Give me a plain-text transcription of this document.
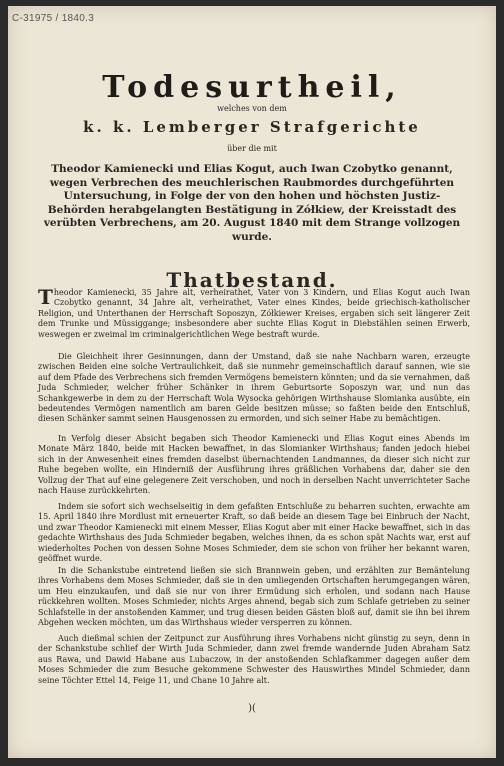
C-31975 / 1840.3
Todesurtheil,
welches von dem
k. k. Lemberger Strafgerichte
über die mit
Theodor Kamienecki und Elias Kogut, auch Iwan Czobytko genannt, wegen Verbrechen des meuchlerischen Raubmordes durchgeführten Untersuchung, in Folge der von den hohen und höchsten Justiz-Behörden herabgelangten Bestätigung in Zółkiew, der Kreisstadt des verübten Verbrechens, am 20. August 1840 mit dem Strange vollzogen wurde.
Thatbestand.

Theodor Kamienecki, 35 Jahre alt, verheirathet, Vater von 3 Kindern, und Elias Kogut auch Iwan Czobytko genannt, 34 Jahre alt, verheirathet, Vater eines Kindes, beide griechisch-katholischer Religion, und Unterthanen der Herrschaft Soposzyn, Zółkiewer Kreises, ergaben sich seit längerer Zeit dem Trunke und Müssiggange; insbesondere aber suchte Elias Kogut in Diebstählen seinen Erwerb, weswegen er zweimal im criminalgerichtlichen Wege bestraft wurde.

Die Gleichheit ihrer Gesinnungen, dann der Umstand, daß sie nahe Nachbarn waren, erzeugte zwischen Beiden eine solche Vertraulichkeit, daß sie nunmehr gemeinschaftlich darauf sannen, wie sie auf dem Pfade des Verbrechens sich fremden Vermögens bemeistern könnten; und da sie vernahmen, daß Juda Schmieder, welcher früher Schänker in ihrem Geburtsorte Soposzyn war, und nun das Schankgewerbe in dem zu der Herrschaft Wola Wysocka gehörigen Wirthshause Slomianka ausübte, ein bedeutendes Vermögen namentlich am baren Gelde besitzen müsse; so faßten beide den Entschluß, diesen Schänker sammt seinen Hausgenossen zu ermorden, und sich seiner Habe zu bemächtigen.

In Verfolg dieser Absicht begaben sich Theodor Kamienecki und Elias Kogut eines Abends im Monate März 1840, beide mit Hacken bewaffnet, in das Slomianker Wirthshaus; fanden jedoch hiebei sich in der Anwesenheit eines fremden daselbst übernachtenden Landmannes, da dieser sich nicht zur Ruhe begeben wollte, ein Hinderniß der Ausführung ihres gräßlichen Vorhabens dar, daher sie den Vollzug der That auf eine gelegenere Zeit verschoben, und noch in derselben Nacht unverrichteter Sache nach Hause zurückkehrten.

Indem sie sofort sich wechselseitig in dem gefaßten Entschluße zu beharren suchten, erwachte am 15. April 1840 ihre Mordlust mit erneuerter Kraft, so daß beide an diesem Tage bei Einbruch der Nacht, und zwar Theodor Kamienecki mit einem Messer, Elias Kogut aber mit einer Hacke bewaffnet, sich in das gedachte Wirthshaus des Juda Schmieder begaben, welches ihnen, da es schon spät Nachts war, erst auf wiederholtes Pochen von dessen Sohne Moses Schmieder, dem sie schon von früher her bekannt waren, geöffnet wurde.

In die Schankstube eintretend ließen sie sich Brannwein geben, und erzählten zur Bemäntelung ihres Vorhabens dem Moses Schmieder, daß sie in den umliegenden Ortschaften herumgegangen wären, um Heu einzukaufen, und daß sie nur von ihrer Ermüdung sich erholen, und sodann nach Hause rückkehren wollten. Moses Schmieder, nichts Arges ahnend, begab sich zum Schlafe getrieben zu seiner Schlafstelle in der anstoßenden Kammer, und trug diesen beiden Gästen bloß auf, damit sie ihn bei ihrem Abgehen wecken möchten, um das Wirthshaus wieder versperren zu können.

Auch dießmal schien der Zeitpunct zur Ausführung ihres Vorhabens nicht günstig zu seyn, denn in der Schankstube schlief der Wirth Juda Schmieder, dann zwei fremde wandernde Juden Abraham Satz aus Rawa, und Dawid Habane aus Lubaczow, in der anstoßenden Schlafkammer dagegen außer dem Moses Schmieder die zum Besuche gekommene Schwester des Hauswirthes Mindel Schmieder, dann seine Töchter Ettel 14, Feige 11, und Chane 10 Jahre alt.

)(
